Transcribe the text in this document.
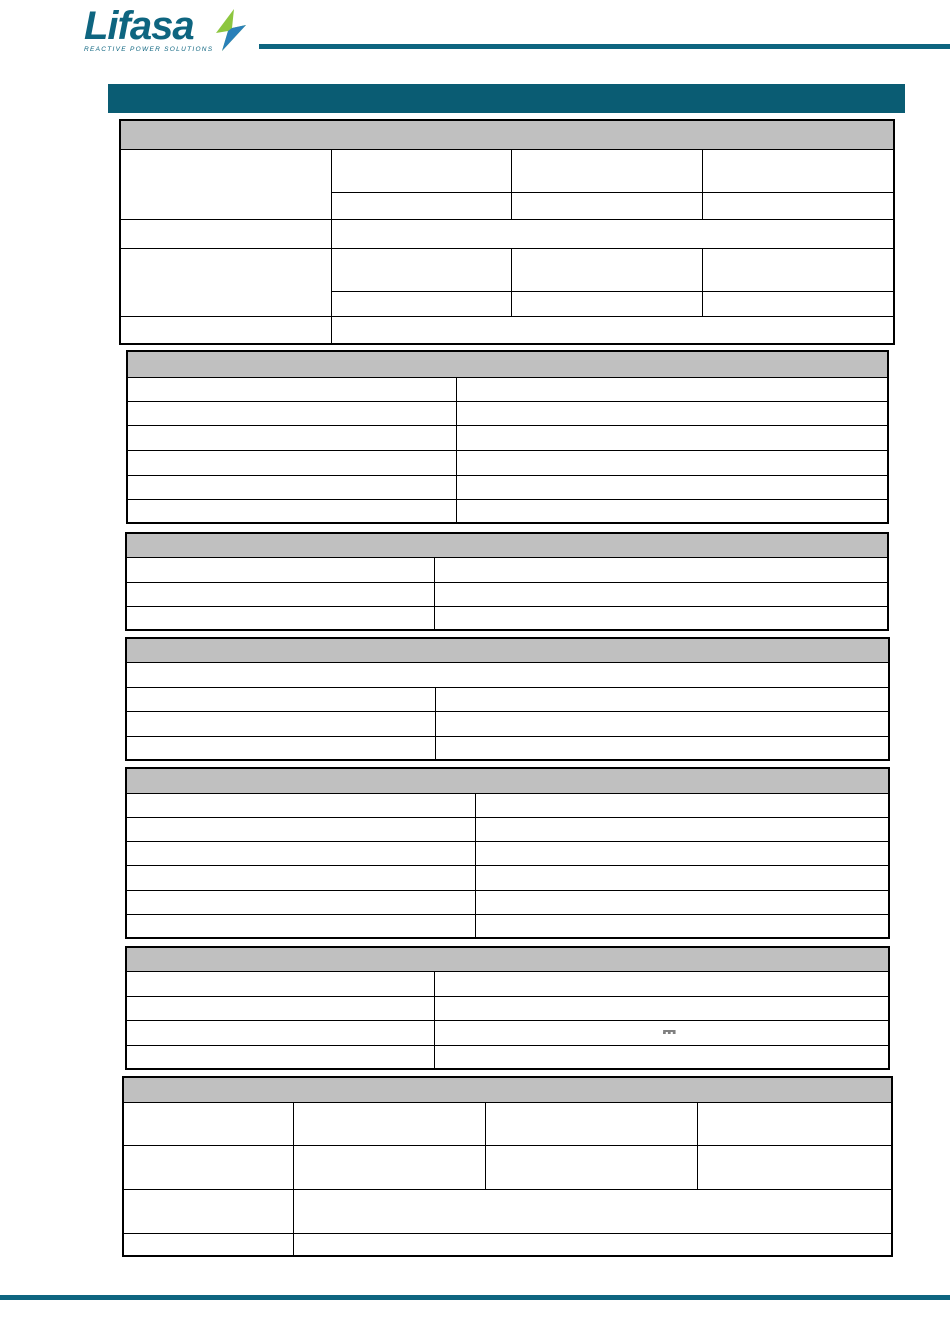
Lifasa
REACTIVE POWER SOLUTIONS

	⎓
